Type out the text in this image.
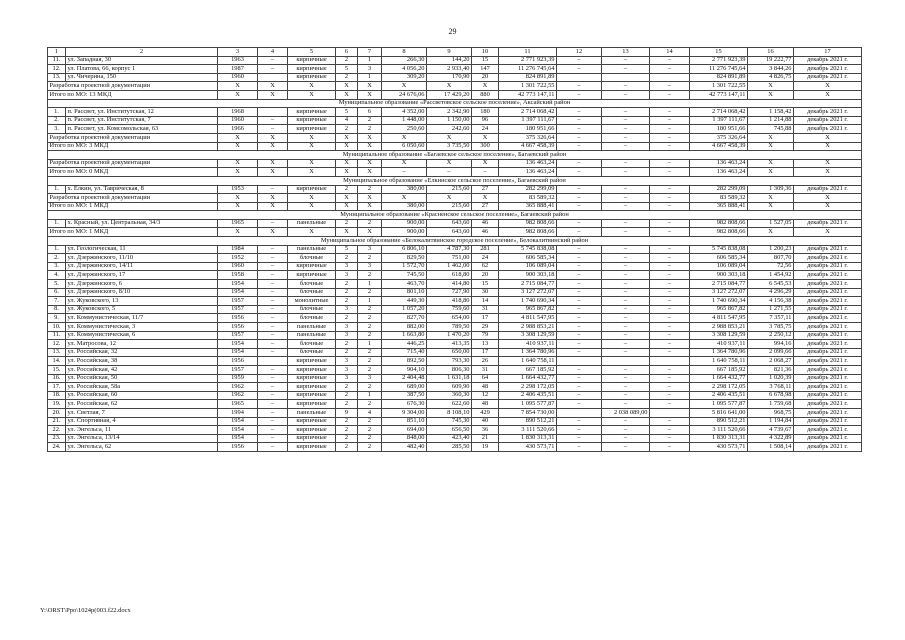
29
1	2	3	4	5	6	7	8	9	10	11	12	13	14	15	16	17
11.	ул. Западная, 30	1963	–	кирпичные	2	1	266,30	144,20	15	2 771 923,39	–	–	–	2 771 923,39	19 222,77	декабрь 2021 г.
12.	ул. Платова, 66, корпус 1	1987	–	кирпичные	5	3	4 056,20	2 933,40	147	11 276 745,64	–	–	–	11 276 745,64	3 844,26	декабрь 2021 г.
13.	ул. Чичерина, 150	1960		кирпичные	2	1	309,20	170,90	20	824 891,89				824 891,89	4 826,75	декабрь 2021 г.
Разработка проектной документации		X	X	X	X	X	X	X	X	1 301 722,55	–	–	–	1 301 722,55	X	X
Итого по МО: 13 МКД		X	X	X	X	X	24 676,06	17 429,20	880	42 773 147,11	–	–	–	42 773 147,11	X	X
Муниципальное образование «Рассветовское сельское поселение», Аксайский район																
1.	п. Рассвет, ул. Институтская, 12	1968		кирпичные	5	6	4 352,00	2 342,90	180	2 714 068,42	–	–	–	2 714 068,42	1 158,42	декабрь 2021 г.
2.	п. Рассвет, ул. Институтская, 7	1960	–	кирпичные	4	2	1 448,00	1 150,00	96	1 397 111,67	–	–	–	1 397 111,67	1 214,88	декабрь 2021 г.
3.	п. Рассвет, ул. Комсомольская, 63	1966	–	кирпичные	2	2	250,60	242,60	24	180 951,66	–	–	–	180 951,66	745,88	декабрь 2021 г.
Разработка проектной документации		X	X	X	X	X	X	X	X	375 326,64	–	–	–	375 326,64	X	X
Итого по МО: 3 МКД		X	X	X	X	X	6 050,60	3 735,50	300	4 667 458,39	–	–	–	4 667 458,39	X	X
Муниципальное образование «Багаевское сельское поселение», Багаевский район																
Разработка проектной документации		X	X	X	X	X	X	X	X	136 463,24	–	–	–	136 463,24	X	X
Итого по МО: 0 МКД		X	X	X	X	X	–	–	–	136 463,24	–	–	–	136 463,24	X	X
Муниципальное образование «Елкинское сельское поселение», Багаевский район																
1.	х. Елкин, ул. Таврическая, 8	1953	–	кирпичные	2	2	380,00	215,60	27	282 299,09	–	–	–	282 299,09	1 309,36	декабрь 2021 г.
Разработка проектной документации		X	X	X	X	X	X	X	X	83 589,32	–	–	–	83 589,32	X	X
Итого по МО: 1 МКД		X	X	X	X	X	380,00	215,60	27	365 888,41	–	–	–	365 888,41	X	X
Муниципальное образование «Красненское сельское поселение», Багаевский район																
1.	х. Красный, ул. Центральная, 34/3	1965	–	панельные	2	2	900,00	643,60	46	982 808,66	–	–	–	982 808,66	1 527,05	декабрь 2021 г.
Итого по МО: 1 МКД		X	X	X	X	X	900,00	643,60	46	982 808,66	–	–	–	982 808,66	X	X
Муниципальное образование «Белокалитвинское городское поселение», Белокалитвинский район																
1.	ул. Геологическая, 11	1984	–	панельные	5	3	6 806,10	4 787,30	281	5 745 838,08	–	–	–	5 745 838,08	1 200,23	декабрь 2021 г.
2.	ул. Дзержинского, 11/10	1952	–	блочные	2	2	829,50	751,00	24	606 585,34	–	–	–	606 585,34	807,70	декабрь 2021 г.
3.	ул. Дзержинского, 14/11	1960	–	кирпичные	3	3	1 572,70	1 462,00	62	106 089,04	–	–	–	106 089,04	72,56	декабрь 2021 г.
4.	ул. Дзержинского, 17	1958	–	кирпичные	3	2	745,50	618,80	20	900 303,18	–	–	–	900 303,18	1 454,92	декабрь 2021 г.
5.	ул. Дзержинского, 6	1954	–	блочные	2	1	463,70	414,80	15	2 715 084,77	–	–	–	2 715 084,77	6 545,53	декабрь 2021 г.
6.	ул. Дзержинского, 8/10	1954	–	блочные	2	2	801,10	727,90	30	3 127 272,07	–	–	–	3 127 272,07	4 296,29	декабрь 2021 г.
7.	ул. Жуковского, 13	1957	–	монолитные	2	1	449,30	418,80	14	1 740 690,34	–	–	–	1 740 690,34	4 156,38	декабрь 2021 г.
8.	ул. Жуковского, 5	1957	–	блочные	3	2	1 057,20	759,60	31	965 867,82	–	–	–	965 867,82	1 271,55	декабрь 2021 г.
9.	ул. Коммунистическая, 11/7	1956	–	блочные	2	2	827,70	654,00	17	4 811 547,95	–	–	–	4 811 547,95	7 357,11	декабрь 2021 г.
10.	ул. Коммунистическая, 3	1956	–	панельные	3	2	882,00	789,50	29	2 988 853,21	–	–	–	2 988 853,21	3 785,75	декабрь 2021 г.
11.	ул. Коммунистическая, 6	1957	–	панельные	3	2	1 663,80	1 470,20	79	3 308 129,59	–	–	–	3 308 129,59	2 250,12	декабрь 2021 г.
12.	ул. Матросова, 12	1954	–	блочные	2	1	446,25	413,35	13	410 937,11	–	–	–	410 937,11	994,16	декабрь 2021 г.
13.	ул. Российская, 32	1954	–	блочные	2	2	715,40	650,00	17	1 364 780,96	–	–	–	1 364 780,96	2 099,66	декабрь 2021 г.
14.	ул. Российская, 38	1956		кирпичные	3	2	892,50	793,30	26	1 640 758,11				1 640 758,11	2 068,27	декабрь 2021 г.
15.	ул. Российская, 42	1957	–	кирпичные	3	2	904,10	806,30	31	667 185,92	–	–	–	667 185,92	821,36	декабрь 2021 г.
16.	ул. Российская, 50	1959	–	кирпичные	3	3	2 404,48	1 631,18	64	1 664 432,77	–	–	–	1 664 432,77	1 020,39	декабрь 2021 г.
17.	ул. Российская, 58а	1962	–	кирпичные	2	2	689,00	609,90	48	2 298 172,05	–	–	–	2 298 172,05	3 768,11	декабрь 2021 г.
18.	ул. Российская, 60	1962	–	кирпичные	2	1	387,50	360,30	12	2 406 435,51	–	–	–	2 406 435,51	6 678,98	декабрь 2021 г.
19.	ул. Российская, 62	1965	–	кирпичные	2	2	676,30	622,60	48	1 095 577,87	–	–	–	1 095 577,87	1 759,68	декабрь 2021 г.
20.	ул. Светлая, 7	1994	–	панельные	9	4	9 304,00	8 108,10	429	7 854 730,00		2 038 089,00		5 816 641,00	968,75	декабрь 2021 г.
21.	ул. Спортивная, 4	1954	–	кирпичные	2	2	851,10	745,30	40	890 512,21	–	–	–	890 512,21	1 194,84	декабрь 2021 г.
22.	ул. Энгельса, 11	1954	–	кирпичные	2	2	694,00	656,50	36	3 111 520,66	–	–	–	3 111 520,66	4 739,67	декабрь 2021 г.
23.	ул. Энгельса, 13/14	1954	–	кирпичные	2	2	848,00	423,40	21	1 830 313,31	–	–	–	1 830 313,31	4 322,89	декабрь 2021 г.
24.	ул. Энгельса, 62	1956	–	кирпичные	2	2	482,40	285,50	19	430 573,71	–	–	–	430 573,71	1 508,14	декабрь 2021 г.
Y:\ORST\Ppo\1024p(003.f22.docx
